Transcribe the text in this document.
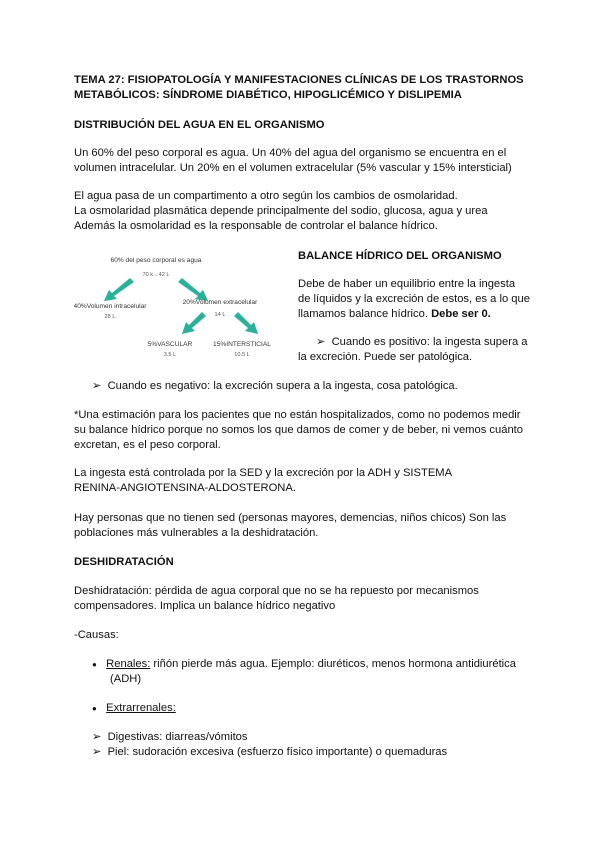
TEMA 27: FISIOPATOLOGÍA Y MANIFESTACIONES CLÍNICAS DE LOS TRASTORNOS
METABÓLICOS: SÍNDROME DIABÉTICO, HIPOGLICÉMICO Y DISLIPEMIA
DISTRIBUCIÓN DEL AGUA EN EL ORGANISMO
Un 60% del peso corporal es agua. Un 40% del agua del organismo se encuentra en el
volumen intracelular. Un 20% en el volumen extracelular (5% vascular y 15% intersticial)
El agua pasa de un compartimento a otro según los cambios de osmolaridad.
La osmolaridad plasmática depende principalmente del sodio, glucosa, agua y urea
Además la osmolaridad es la responsable de controlar el balance hídrico.
60% del peso corporal es agua
70 k→42 L
40%Volumen intracelular
28 L
20%Volumen extracelular
14 L
5%VASCULAR
3.5 L
15%INTERSTICIAL
10.5 L
BALANCE HÍDRICO DEL ORGANISMO
Debe de haber un equilibrio entre la ingesta
de líquidos y la excreción de estos, es a lo que
llamamos balance hídrico. Debe ser 0.
➢ Cuando es positivo: la ingesta supera a
la excreción. Puede ser patológica.
➢ Cuando es negativo: la excreción supera a la ingesta, cosa patológica.
*Una estimación para los pacientes que no están hospitalizados, como no podemos medir
su balance hídrico porque no somos los que damos de comer y de beber, ni vemos cuánto
excretan, es el peso corporal.
La ingesta está controlada por la SED y la excreción por la ADH y SISTEMA
RENINA-ANGIOTENSINA-ALDOSTERONA.
Hay personas que no tienen sed (personas mayores, demencias, niños chicos) Son las
poblaciones más vulnerables a la deshidratación.
DESHIDRATACIÓN
Deshidratación: pérdida de agua corporal que no se ha repuesto por mecanismos
compensadores. Implica un balance hídrico negativo
-Causas:
● Renales: riñón pierde más agua. Ejemplo: diuréticos, menos hormona antidiurética
(ADH)
● Extrarrenales:
➢ Digestivas: diarreas/vómitos
➢ Piel: sudoración excesiva (esfuerzo físico importante) o quemaduras
